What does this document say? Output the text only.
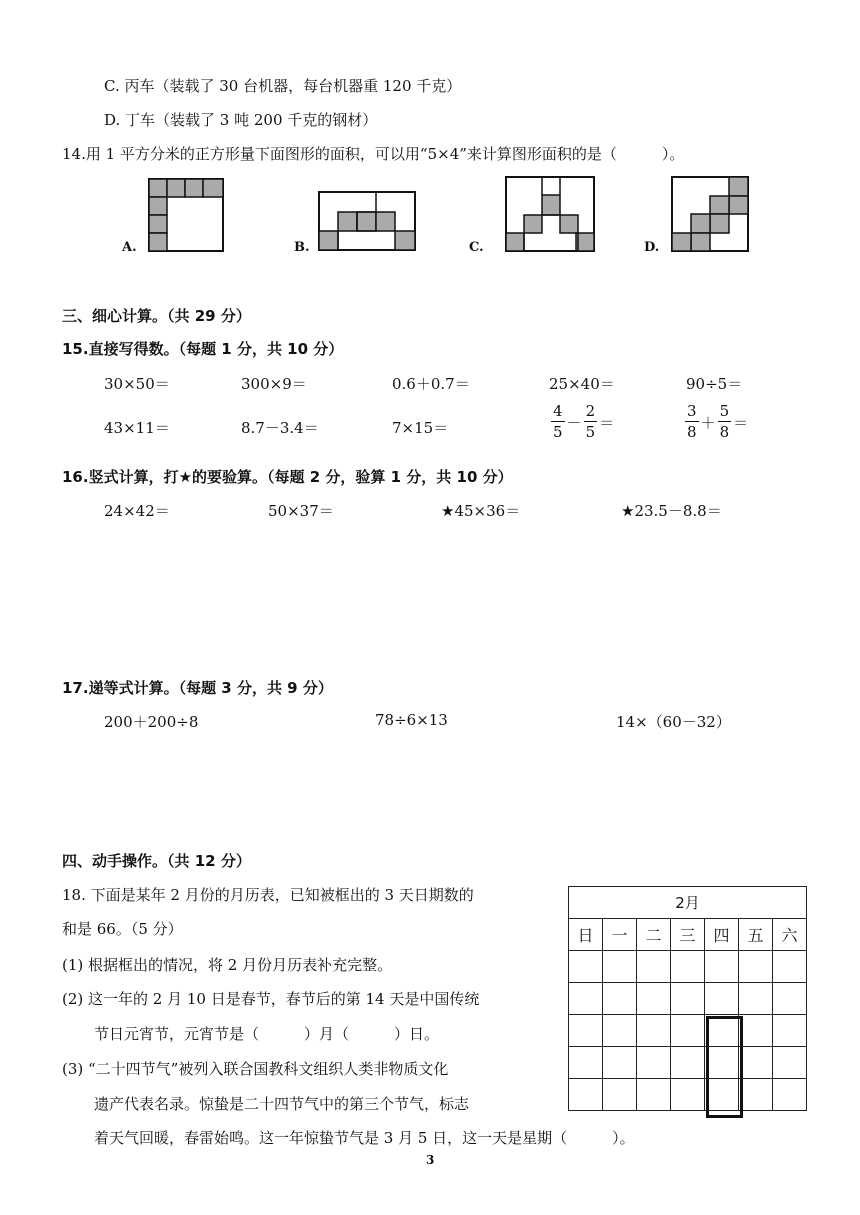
C. 丙车（装载了 30 台机器，每台机器重 120 千克）
D. 丁车（装载了 3 吨 200 千克的钢材）
14.用 1 平方分米的正方形量下面图形的面积，可以用“5×4”来计算图形面积的是（　　　）。
A.	B.	C.	D.
三、细心计算。（共 29 分）
15.直接写得数。（每题 1 分，共 10 分）
30×50＝	300×9＝	0.6＋0.7＝	25×40＝	90÷5＝
43×11＝	8.7－3.4＝	7×15＝	$\frac{4}{5} - \frac{2}{5}$ ＝	$\frac{3}{8} + \frac{5}{8}$ ＝
16.竖式计算，打★的要验算。（每题 2 分，验算 1 分，共 10 分）
24×42＝	50×37＝	★45×36＝	★23.5－8.8＝
17.递等式计算。（每题 3 分，共 9 分）
200＋200÷8	78÷6×13	14×（60－32）
四、动手操作。（共 12 分）
18. 下面是某年 2 月份的月历表，已知被框出的 3 天日期数的
和是 66。（5 分）
(1) 根据框出的情况，将 2 月份月历表补充完整。
(2) 这一年的 2 月 10 日是春节，春节后的第 14 天是中国传统
节日元宵节，元宵节是（　　　）月（　　　）日。
(3) “二十四节气”被列入联合国教科文组织人类非物质文化
遗产代表名录。惊蛰是二十四节气中的第三个节气，标志
着天气回暖，春雷始鸣。这一年惊蛰节气是 3 月 5 日，这一天是星期（　　　）。
2月						
日	一	二	三	四	五	六

3
